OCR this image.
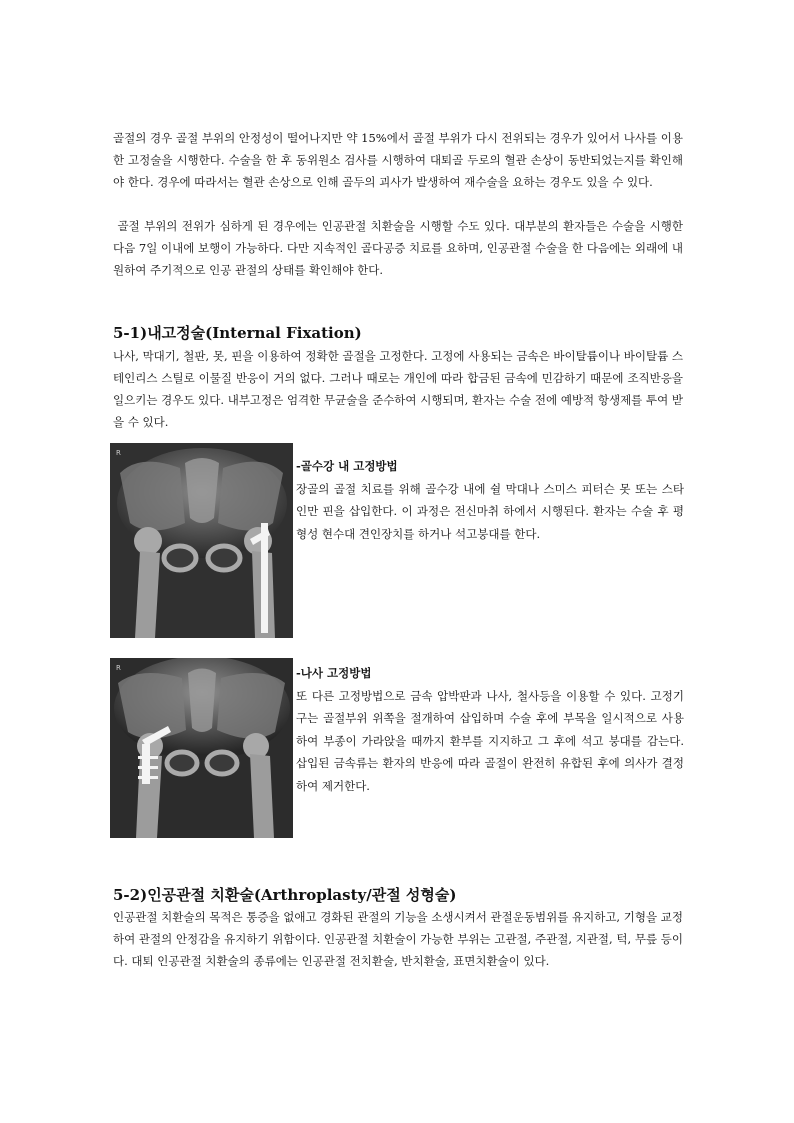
골절의 경우 골절 부위의 안정성이 떨어나지만 약 15%에서 골절 부위가 다시 전위되는 경우가 있어서 나사를 이용한 고정술을 시행한다. 수술을 한 후 동위원소 검사를 시행하여 대퇴골 두로의 혈관 손상이 동반되었는지를 확인해야 한다. 경우에 따라서는 혈관 손상으로 인해 골두의 괴사가 발생하여 재수술을 요하는 경우도 있을 수 있다.

골절 부위의 전위가 심하게 된 경우에는 인공관절 치환술을 시행할 수도 있다. 대부분의 환자들은 수술을 시행한 다음 7일 이내에 보행이 가능하다. 다만 지속적인 골다공증 치료를 요하며, 인공관절 수술을 한 다음에는 외래에 내원하여 주기적으로 인공 관절의 상태를 확인해야 한다.

5-1)내고정술(Internal Fixation)

나사, 막대기, 철판, 못, 핀을 이용하여 정확한 골절을 고정한다. 고정에 사용되는 금속은 바이탈륨이나 바이탈륨 스테인리스 스틸로 이물질 반응이 거의 없다. 그러나 때로는 개인에 따라 합금된 금속에 민감하기 때문에 조직반응을 일으키는 경우도 있다. 내부고정은 엄격한 무균술을 준수하여 시행되며, 환자는 수술 전에 예방적 항생제를 투여 받을 수 있다.

R
-골수강 내 고정방법
장골의 골절 치료를 위해 골수강 내에 쉴 막대나 스미스 피터슨 못 또는 스타인만 핀을 삽입한다. 이 과정은 전신마취 하에서 시행된다. 환자는 수술 후 평형성 현수대 견인장치를 하거나 석고붕대를 한다.
R	-나사 고정방법
또 다른 고정방법으로 금속 압박판과 나사, 철사등을 이용할 수 있다. 고정기구는 골절부위 위쪽을 절개하여 삽입하며 수술 후에 부목을 일시적으로 사용하여 부종이 가라앉을 때까지 환부를 지지하고 그 후에 석고 붕대를 감는다. 삽입된 금속류는 환자의 반응에 따라 골절이 완전히 유합된 후에 의사가 결정하여 제거한다.
5-2)인공관절 치환술(Arthroplasty/관절 성형술)

인공관절 치환술의 목적은 통증을 없애고 경화된 관절의 기능을 소생시켜서 관절운동범위를 유지하고, 기형을 교정하여 관절의 안정감을 유지하기 위함이다. 인공관절 치환술이 가능한 부위는 고관절, 주관절, 지관절, 턱, 무릎 등이다. 대퇴 인공관절 치환술의 종류에는 인공관절 전치환술, 반치환술, 표면치환술이 있다.
